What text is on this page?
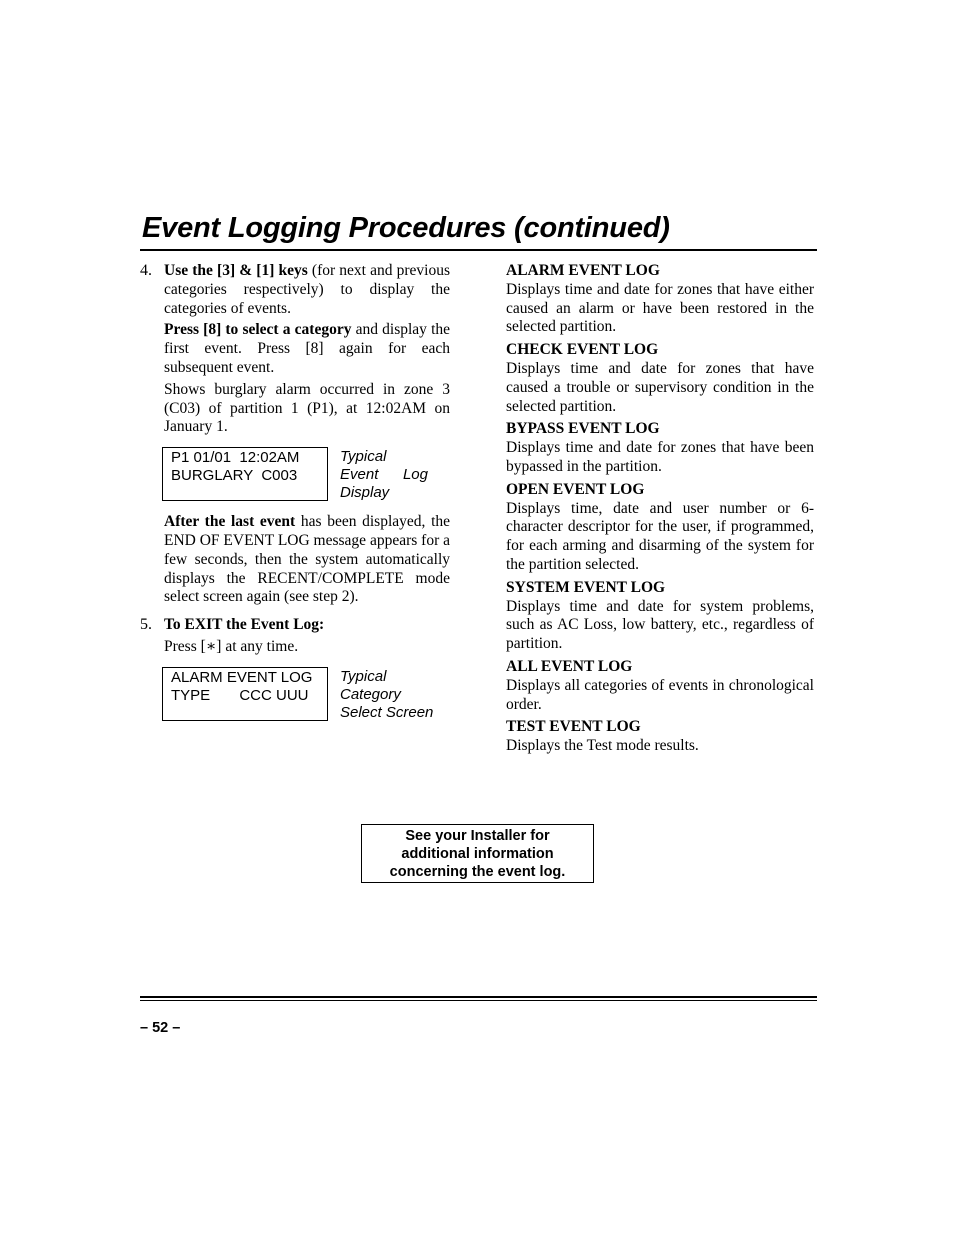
Event Logging Procedures (continued)
4. Use the [3] & [1] keys (for next and previous categories respectively) to display the categories of events.

Press [8] to select a category and display the first event. Press [8] again for each subsequent event.

Shows burglary alarm occurred in zone 3 (C03) of partition 1 (P1), at 12:02AM on January 1.

P1 01/01  12:02AM
BURGLARY  C003
Typical
Event Log
Display

After the last event has been displayed, the END OF EVENT LOG message appears for a few seconds, then the system automatically displays the RECENT/COMPLETE mode select screen again (see step 2).

5. To EXIT the Event Log:

Press [∗] at any time.

ALARM EVENT LOG
TYPE       CCC UUU
Typical
Category
Select Screen

ALARM EVENT LOG

Displays time and date for zones that have either caused an alarm or have been restored in the selected partition.

CHECK EVENT LOG

Displays time and date for zones that have caused a trouble or supervisory condition in the selected partition.

BYPASS EVENT LOG

Displays time and date for zones that have been bypassed in the partition.

OPEN EVENT LOG

Displays time, date and user number or 6-character descriptor for the user, if programmed, for each arming and disarming of the system for the partition selected.

SYSTEM EVENT LOG

Displays time and date for system problems, such as AC Loss, low battery, etc., regardless of partition.

ALL EVENT LOG

Displays all categories of events in chronological order.

TEST EVENT LOG

Displays the Test mode results.

See your Installer for
additional information
concerning the event log.
– 52 –
